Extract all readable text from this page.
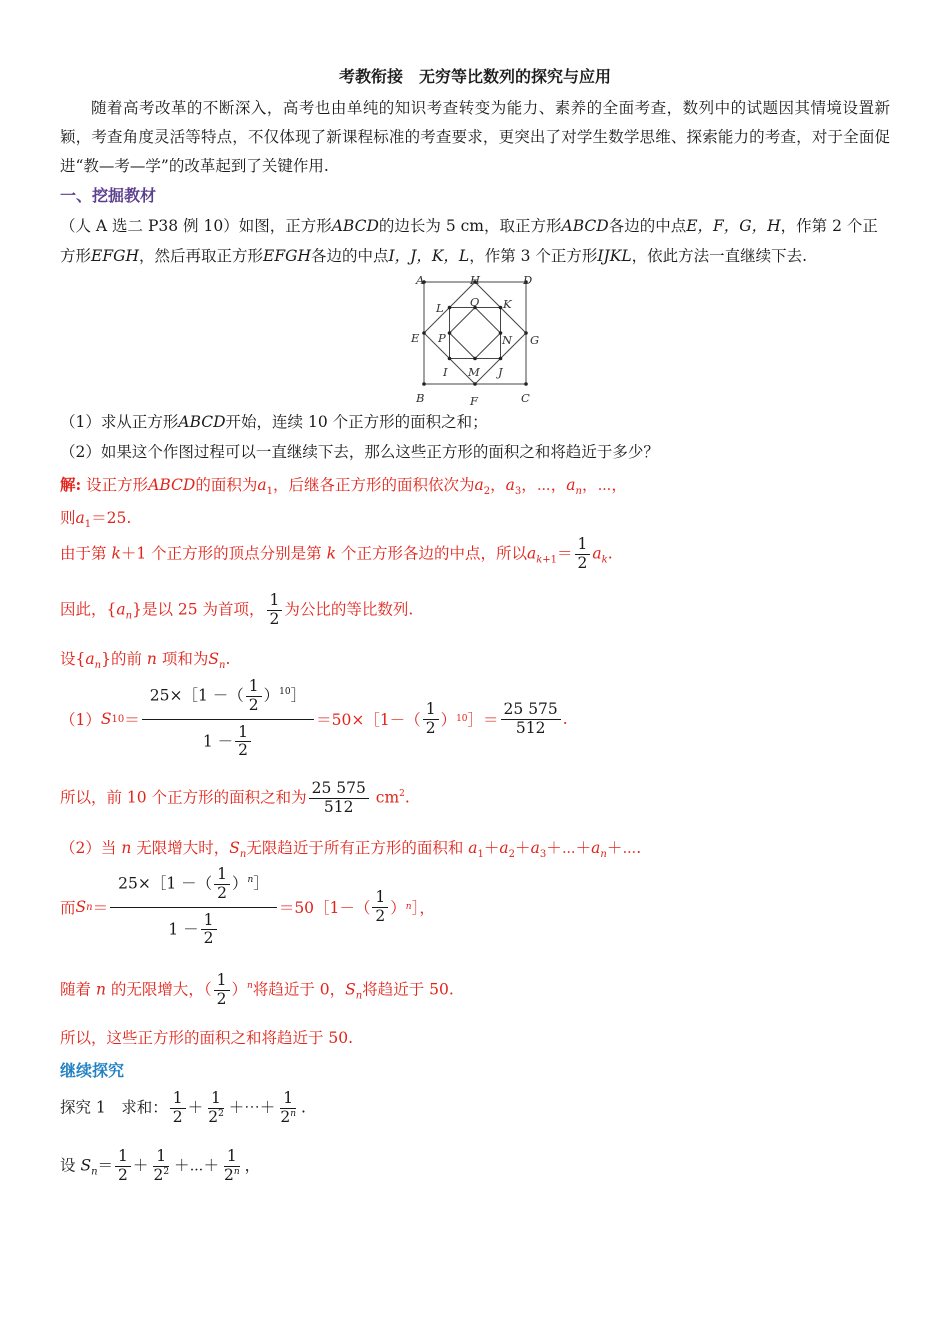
考教衔接　无穷等比数列的探究与应用
随着高考改革的不断深入，高考也由单纯的知识考查转变为能力、素养的全面考查，数列中的试题因其情境设置新颖，考查角度灵活等特点，不仅体现了新课程标准的考查要求，更突出了对学生数学思维、探索能力的考查，对于全面促进“教—考—学”的改革起到了关键作用.
一、挖掘教材
（人 A 选二 P38 例 10）如图，正方形ABCD的边长为 5 cm，取正方形ABCD各边的中点E，F，G，H，作第 2 个正方形EFGH，然后再取正方形EFGH各边的中点I，J，K，L，作第 3 个正方形IJKL，依此方法一直继续下去.
A	H	D
L O K
E P	N G
I M J
B	F	C
（1）求从正方形ABCD开始，连续 10 个正方形的面积之和；
（2）如果这个作图过程可以一直继续下去，那么这些正方形的面积之和将趋近于多少？
解: 设正方形ABCD的面积为$a_1$，后继各正方形的面积依次为$a_2$，$a_3$，⋯，$a_n$，⋯，
则$a_1=25$.
由于第 k＋1 个正方形的顶点分别是第 k 个正方形各边的中点，所以$a_{k+1}= \frac{1}{2} a_k$.
因此，$\{a_n\}$是以 25 为首项， $\frac{1}{2}$ 为公比的等比数列.
设$\{a_n\}$的前 n 项和为$S_n$.
（1） S $10 = \frac{25\times[1 -( \frac{1}{2} )^{10}]}{1 - \frac{1}{2}}$ ＝50×［1－（ $\frac{1}{2}$ ） 10 ］＝ $\frac{25 575}{512}$ .
所以，前 10 个正方形的面积之和为 $\frac{25 575}{512} cm^2$.
（2）当 n 无限增大时，$S_n$无限趋近于所有正方形的面积和 $a_1+a_2+a_3+\cdots+a_n+\cdots$.
而 S $n = \frac{25\times[1 -( \frac{1}{2} )^n]}{1 - \frac{1}{2}}$ ＝50［1－（ $\frac{1}{2}$ ） n ］，
随着 n 的无限增大，（ $\frac{1}{2} )^n$将趋近于 0，$S_n$将趋近于 50.
所以，这些正方形的面积之和将趋近于 50.
继续探究
探究 1　求和： $\frac{1}{2} + \frac{1}{2^2}$ ＋⋯＋ $\frac{1}{2^n}$ .
设 $S_n= \frac{1}{2} + \frac{1}{2^2}$ ＋⋯＋ $\frac{1}{2^n}$ ，
